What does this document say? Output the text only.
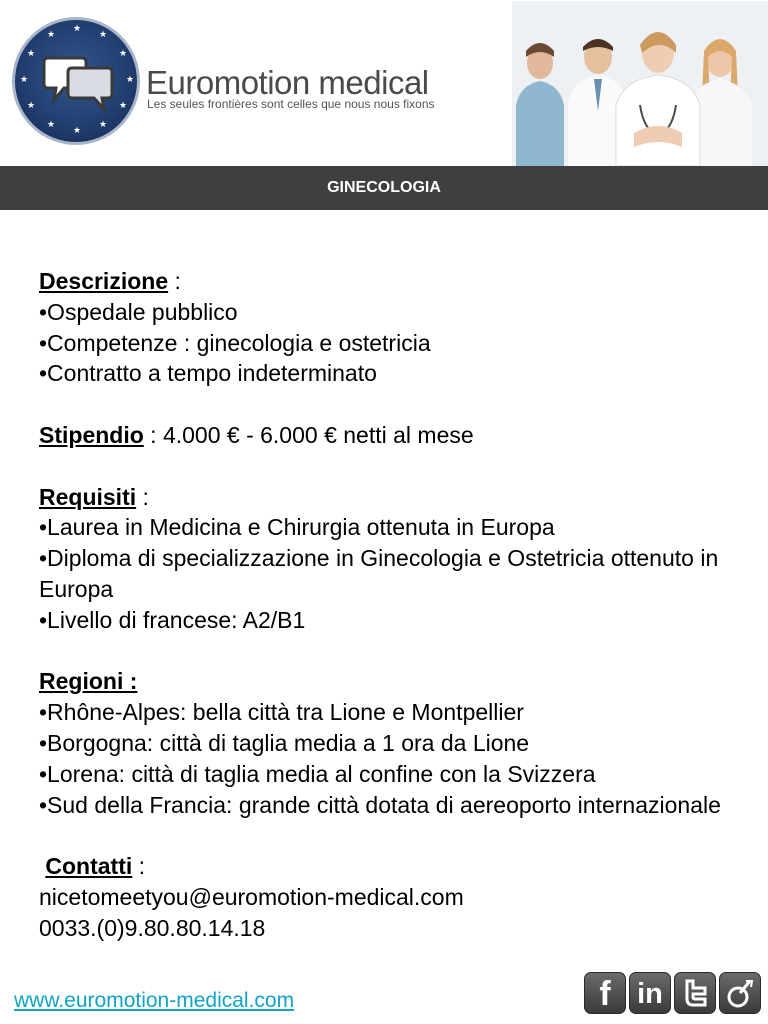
★
★
★
★
★
★
★
★
★
★
★
★
Euromotion medical
Les seules frontières sont celles que nous nous fixons
GINECOLOGIA

Descrizione :

•Ospedale pubblico

•Competenze : ginecologia e ostetricia

•Contratto a tempo indeterminato

Stipendio : 4.000 € - 6.000 € netti al mese

Requisiti :

•Laurea in Medicina e Chirurgia ottenuta in Europa

•Diploma di specializzazione in Ginecologia e Ostetricia ottenuto in Europa

•Livello di francese: A2/B1

Regioni :

•Rhône-Alpes: bella città tra Lione e Montpellier

•Borgogna: città di taglia media a 1 ora da Lione

•Lorena: città di taglia media al confine con la Svizzera

•Sud della Francia: grande città dotata di aereoporto internazionale

Contatti :

nicetomeetyou@euromotion-medical.com

0033.(0)9.80.80.14.18

www.euromotion-medical.com	f in
